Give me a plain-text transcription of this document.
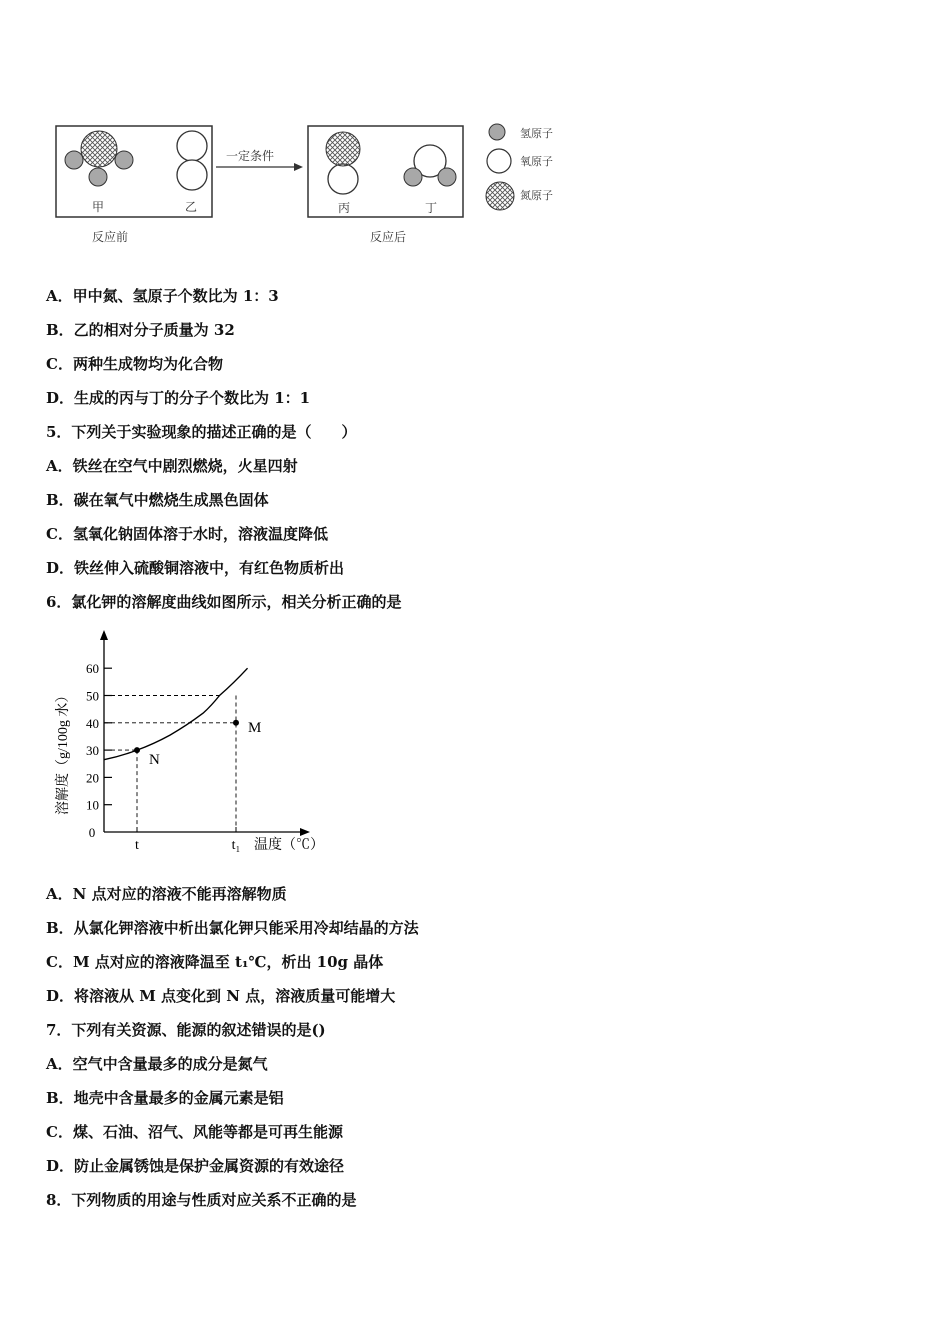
甲	乙
反应前
一定条件
丙	丁
反应后
氢原子
氧原子
氮原子
A．甲中氮、氢原子个数比为 1：3
B．乙的相对分子质量为 32
C．两种生成物均为化合物
D．生成的丙与丁的分子个数比为 1：1
5．下列关于实验现象的描述正确的是（　　）
A．铁丝在空气中剧烈燃烧，火星四射
B．碳在氧气中燃烧生成黑色固体
C．氢氧化钠固体溶于水时，溶液温度降低
D．铁丝伸入硫酸铜溶液中，有红色物质析出
6．氯化钾的溶解度曲线如图所示，相关分析正确的是
0
温度（℃）
溶解度（g/100g 水） 10
20
30
40
50
60
N
M
t	t₁
A．N 点对应的溶液不能再溶解物质
B．从氯化钾溶液中析出氯化钾只能采用冷却结晶的方法
C．M 点对应的溶液降温至 t₁℃，析出 10g 晶体
D．将溶液从 M 点变化到 N 点，溶液质量可能增大
7．下列有关资源、能源的叙述错误的是()
A．空气中含量最多的成分是氮气
B．地壳中含量最多的金属元素是铝
C．煤、石油、沼气、风能等都是可再生能源
D．防止金属锈蚀是保护金属资源的有效途径
8．下列物质的用途与性质对应关系不正确的是
